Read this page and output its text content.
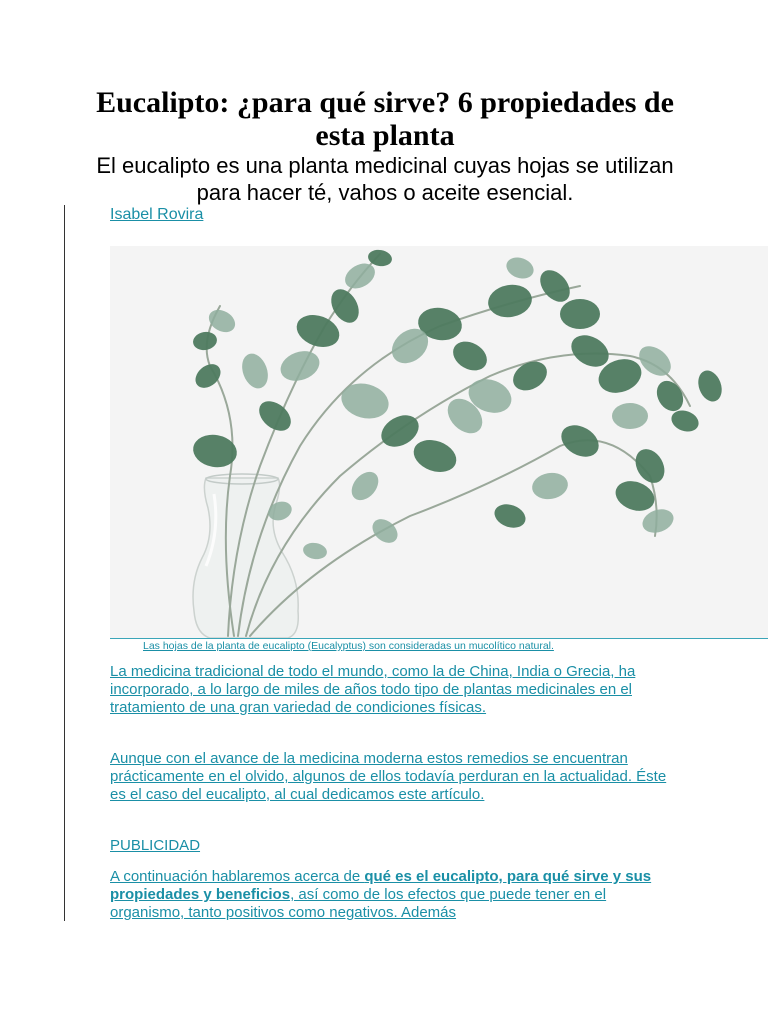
Eucalipto: ¿para qué sirve? 6 propiedades de esta planta

El eucalipto es una planta medicinal cuyas hojas se utilizan para hacer té, vahos o aceite esencial.

Isabel Rovira
Las hojas de la planta de eucalipto (Eucalyptus) son consideradas un mucolítico natural.

La medicina tradicional de todo el mundo, como la de China, India o Grecia, ha incorporado, a lo largo de miles de años todo tipo de plantas medicinales en el tratamiento de una gran variedad de condiciones físicas.

Aunque con el avance de la medicina moderna estos remedios se encuentran prácticamente en el olvido, algunos de ellos todavía perduran en la actualidad. Éste es el caso del eucalipto, al cual dedicamos este artículo.

PUBLICIDAD

A continuación hablaremos acerca de qué es el eucalipto, para qué sirve y sus propiedades y beneficios, así como de los efectos que puede tener en el organismo, tanto positivos como negativos. Además
